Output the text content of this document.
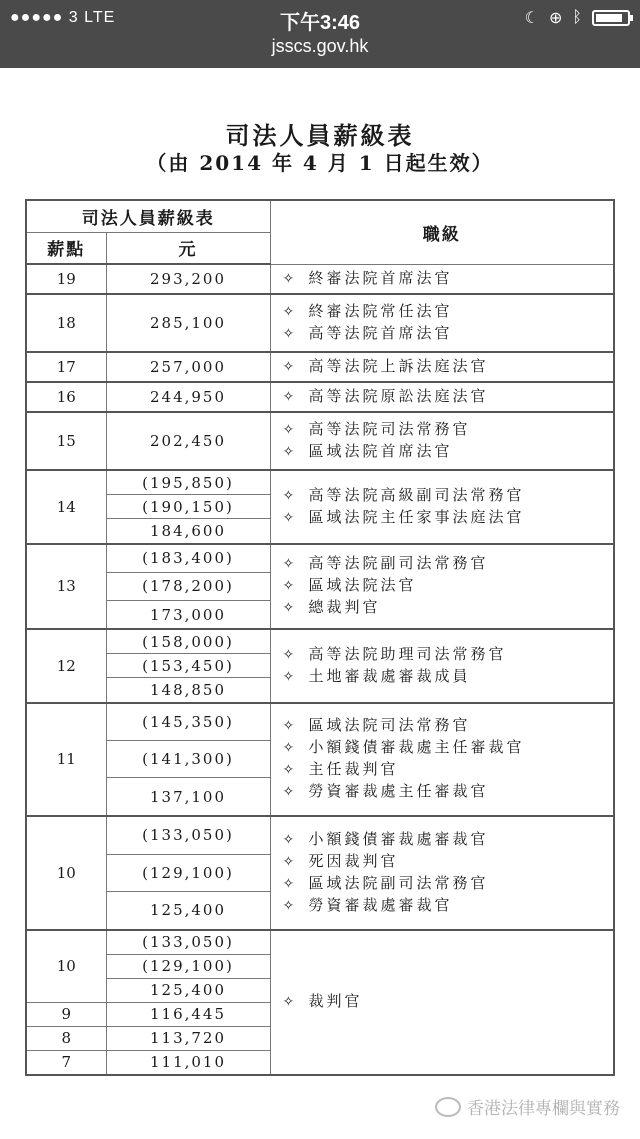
●●●●● 3 LTE	下午3:46
jsscs.gov.hk
☾ ⊕ ᛒ
司法人員薪級表
（由 2014 年 4 月 1 日起生效）
司法人員薪級表		職級
薪點	元	
19	293,200	✧ 終審法院首席法官

18	285,100	✧ 終審法院常任法官
✧ 高等法院首席法官

17	257,000	✧ 高等法院上訴法庭法官

16	244,950	✧ 高等法院原訟法庭法官

15	202,450	✧ 高等法院司法常務官
✧ 區域法院首席法官

14	(195,850)	✧ 高等法院高級副司法常務官
✧ 區域法院主任家事法庭法官

	(190,150)	
	184,600	
13	(183,400)	✧ 高等法院副司法常務官
✧ 區域法院法官
✧ 總裁判官

	(178,200)	
	173,000	
12	(158,000)	✧ 高等法院助理司法常務官
✧ 土地審裁處審裁成員

	(153,450)	
	148,850	
11	(145,350)	✧ 區域法院司法常務官
✧ 小額錢債審裁處主任審裁官
✧ 主任裁判官
✧ 勞資審裁處主任審裁官

	(141,300)	
	137,100	
10	(133,050)	✧ 小額錢債審裁處審裁官
✧ 死因裁判官
✧ 區域法院副司法常務官
✧ 勞資審裁處審裁官

	(129,100)	
	125,400	
10	(133,050)	✧ 裁判官

	(129,100)	
	125,400	
9	116,445	
8	113,720	
7	111,010	
香港法律專欄與實務
